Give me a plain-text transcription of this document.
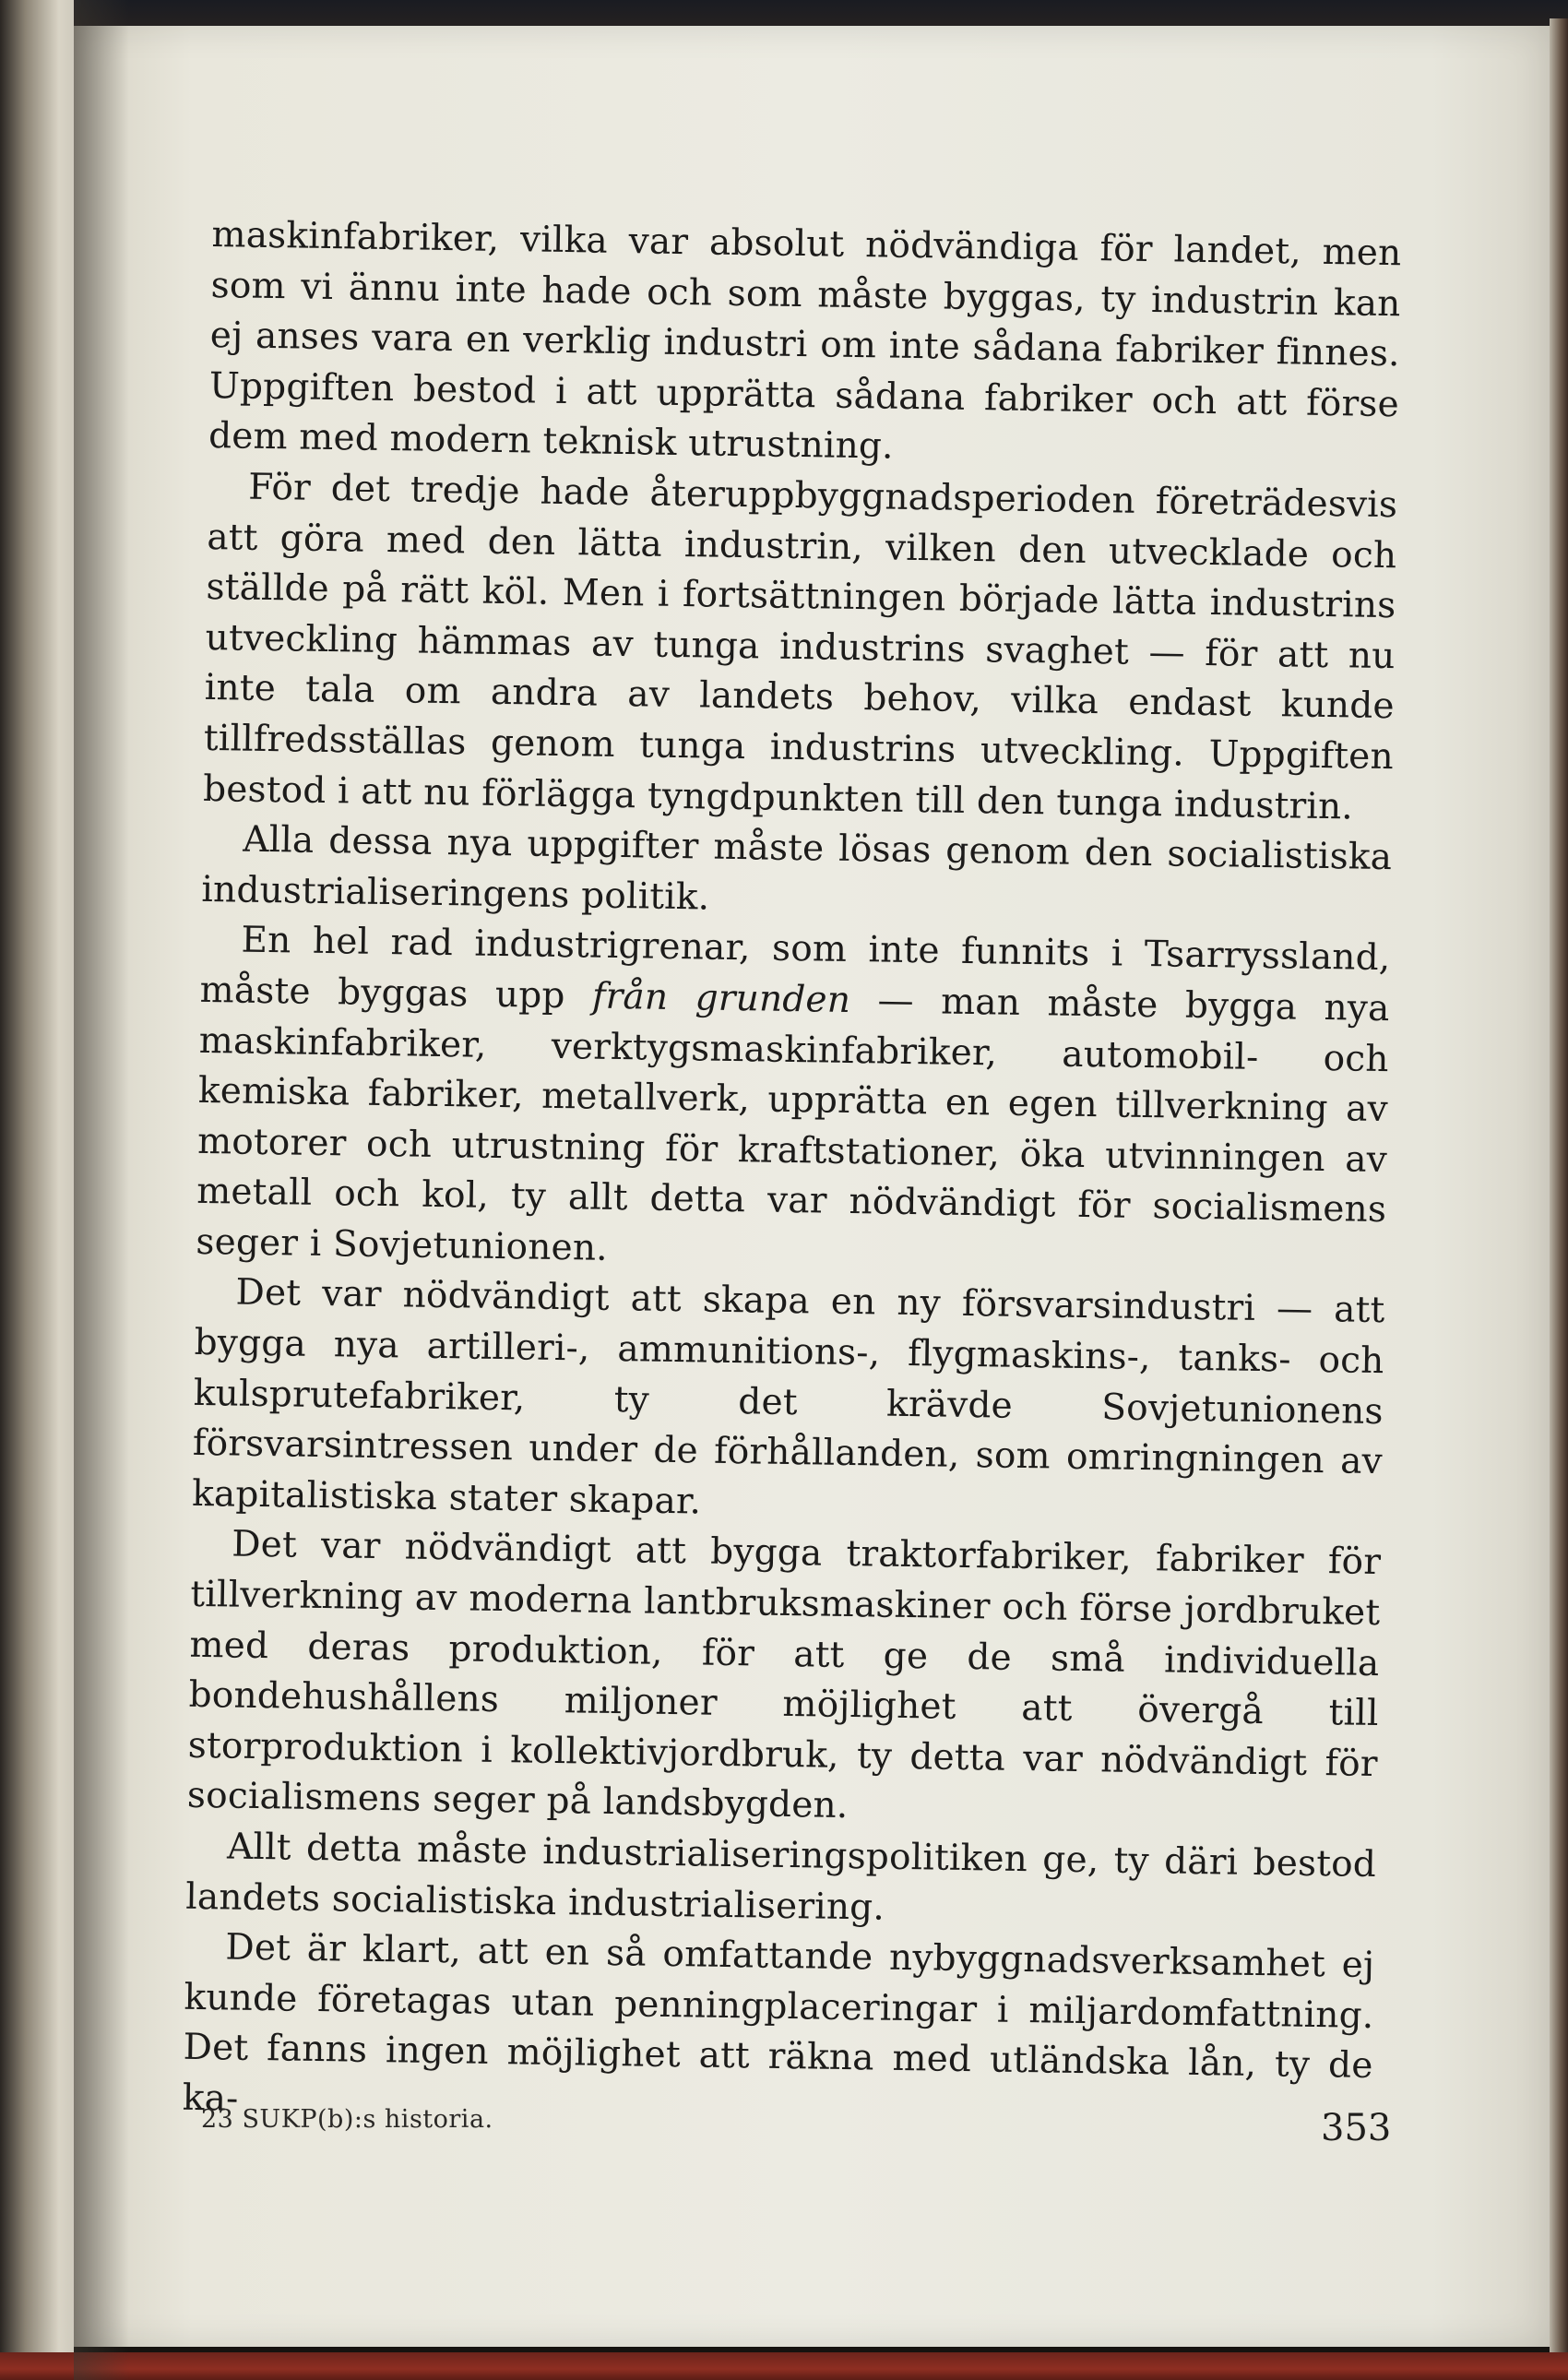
maskinfabriker, vilka var absolut nödvändiga för landet, men som vi ännu inte hade och som måste byggas, ty industrin kan ej anses vara en verklig industri om inte sådana fabriker finnes. Uppgiften bestod i att upprätta sådana fabriker och att förse dem med modern teknisk utrustning.

För det tredje hade återuppbyggnadsperioden företrädesvis att göra med den lätta industrin, vilken den utvecklade och ställde på rätt köl. Men i fortsättningen började lätta industrins utveckling hämmas av tunga industrins svaghet — för att nu inte tala om andra av landets behov, vilka endast kunde tillfredsställas genom tunga industrins utveckling. Uppgiften bestod i att nu förlägga tyngdpunkten till den tunga industrin.

Alla dessa nya uppgifter måste lösas genom den socialistiska industrialiseringens politik.

En hel rad industrigrenar, som inte funnits i Tsarryssland, måste byggas upp från grunden — man måste bygga nya maskinfabriker, verktygsmaskinfabriker, automobil- och kemiska fabriker, metallverk, upprätta en egen tillverkning av motorer och utrustning för kraftstationer, öka utvinningen av metall och kol, ty allt detta var nödvändigt för socialismens seger i Sovjetunionen.

Det var nödvändigt att skapa en ny försvarsindustri — att bygga nya artilleri-, ammunitions-, flygmaskins-, tanks- och kulsprutefabriker, ty det krävde Sovjetunionens försvarsintressen under de förhållanden, som omringningen av kapitalistiska stater skapar.

Det var nödvändigt att bygga traktorfabriker, fabriker för tillverkning av moderna lantbruksmaskiner och förse jordbruket med deras produktion, för att ge de små individuella bondehushållens miljoner möjlighet att övergå till storproduktion i kollektivjordbruk, ty detta var nödvändigt för socialismens seger på landsbygden.

Allt detta måste industrialiseringspolitiken ge, ty däri bestod landets socialistiska industrialisering.

Det är klart, att en så omfattande nybyggnadsverksamhet ej kunde företagas utan penningplaceringar i miljardomfattning. Det fanns ingen möjlighet att räkna med utländska lån, ty de ka-

23 SUKP(b):s historia.	353
